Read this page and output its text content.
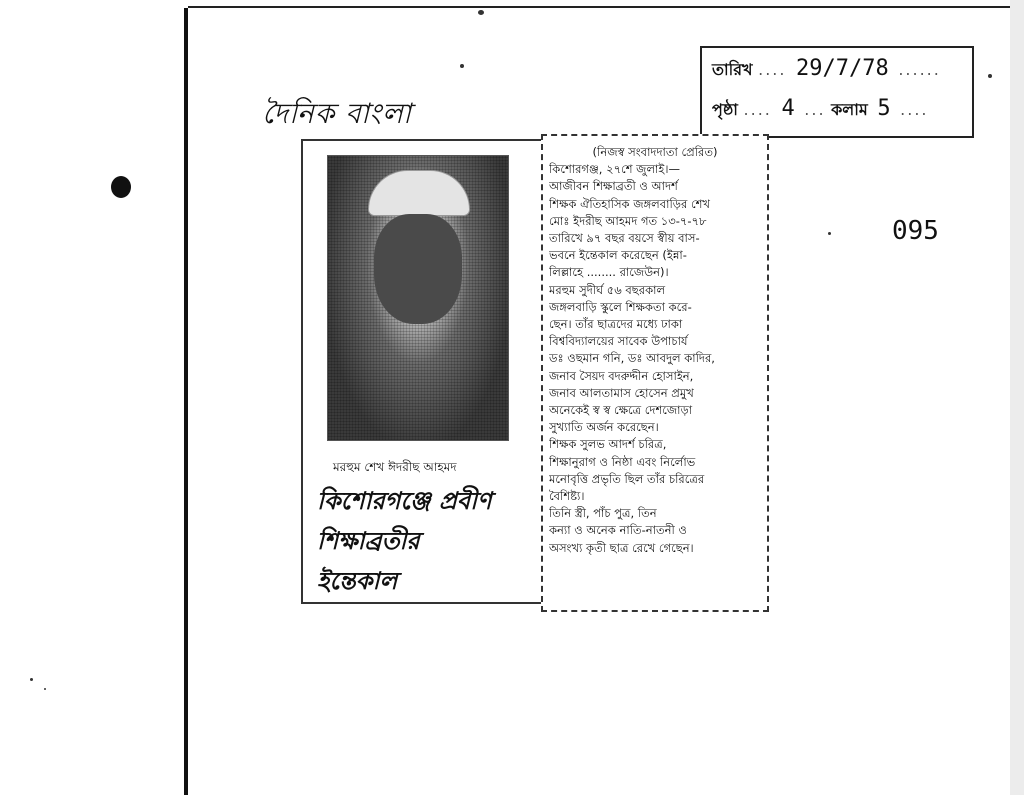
দৈনিক বাংলা
তারিখ .... 29/7/78 ......
পৃষ্ঠা .... 4 ... কলাম 5 ....
095
মরহুম শেখ ঈদরীছ আহমদ
কিশোরগঞ্জে প্রবীণ
শিক্ষাব্রতীর
ইন্তেকাল
(নিজস্ব সংবাদদাতা প্রেরিত)
কিশোরগঞ্জ, ২৭শে জুলাই।—
আজীবন শিক্ষাব্রতী ও আদর্শ
শিক্ষক ঐতিহাসিক জঙ্গলবাড়ির শেখ
মোঃ ইদরীছ আহমদ গত ১৩-৭-৭৮
তারিখে ৯৭ বছর বয়সে স্বীয় বাস-
ভবনে ইন্তেকাল করেছেন (ইন্না-
লিল্লাহে ........ রাজেউন)।
মরহুম সুদীর্ঘ ৫৬ বছরকাল
জঙ্গলবাড়ি স্কুলে শিক্ষকতা করে-
ছেন। তাঁর ছাত্রদের মধ্যে ঢাকা
বিশ্ববিদ্যালয়ের সাবেক উপাচার্য
ডঃ ওছমান গনি, ডঃ আবদুল কাদির,
জনাব সৈয়দ বদরুদ্দীন হোসাইন,
জনাব আলতামাস হোসেন প্রমুখ
অনেকেই স্ব স্ব ক্ষেত্রে দেশজোড়া
সুখ্যাতি অর্জন করেছেন।
শিক্ষক সুলভ আদর্শ চরিত্র,
শিক্ষানুরাগ ও নিষ্ঠা এবং নির্লোভ
মনোবৃত্তি প্রভৃতি ছিল তাঁর চরিত্রের
বৈশিষ্ট্য।
তিনি স্ত্রী, পাঁচ পুত্র, তিন
কন্যা ও অনেক নাতি-নাতনী ও
অসংখ্য কৃতী ছাত্র রেখে গেছেন।
